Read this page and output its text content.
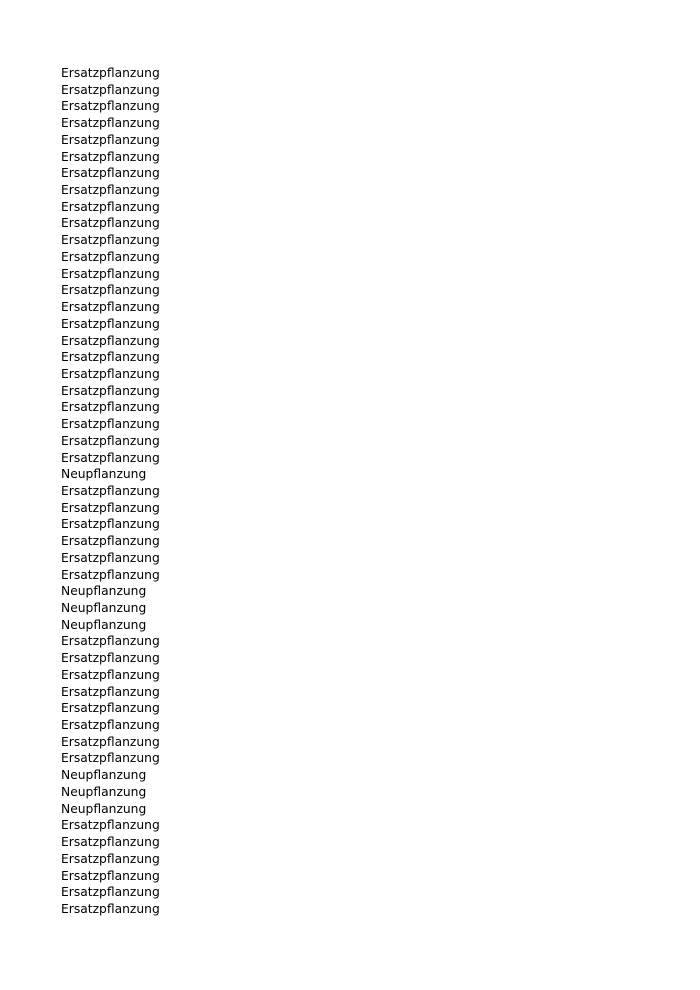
Ersatzpflanzung
Ersatzpflanzung
Ersatzpflanzung
Ersatzpflanzung
Ersatzpflanzung
Ersatzpflanzung
Ersatzpflanzung
Ersatzpflanzung
Ersatzpflanzung
Ersatzpflanzung
Ersatzpflanzung
Ersatzpflanzung
Ersatzpflanzung
Ersatzpflanzung
Ersatzpflanzung
Ersatzpflanzung
Ersatzpflanzung
Ersatzpflanzung
Ersatzpflanzung
Ersatzpflanzung
Ersatzpflanzung
Ersatzpflanzung
Ersatzpflanzung
Ersatzpflanzung
Neupflanzung
Ersatzpflanzung
Ersatzpflanzung
Ersatzpflanzung
Ersatzpflanzung
Ersatzpflanzung
Ersatzpflanzung
Neupflanzung
Neupflanzung
Neupflanzung
Ersatzpflanzung
Ersatzpflanzung
Ersatzpflanzung
Ersatzpflanzung
Ersatzpflanzung
Ersatzpflanzung
Ersatzpflanzung
Ersatzpflanzung
Neupflanzung
Neupflanzung
Neupflanzung
Ersatzpflanzung
Ersatzpflanzung
Ersatzpflanzung
Ersatzpflanzung
Ersatzpflanzung
Ersatzpflanzung
